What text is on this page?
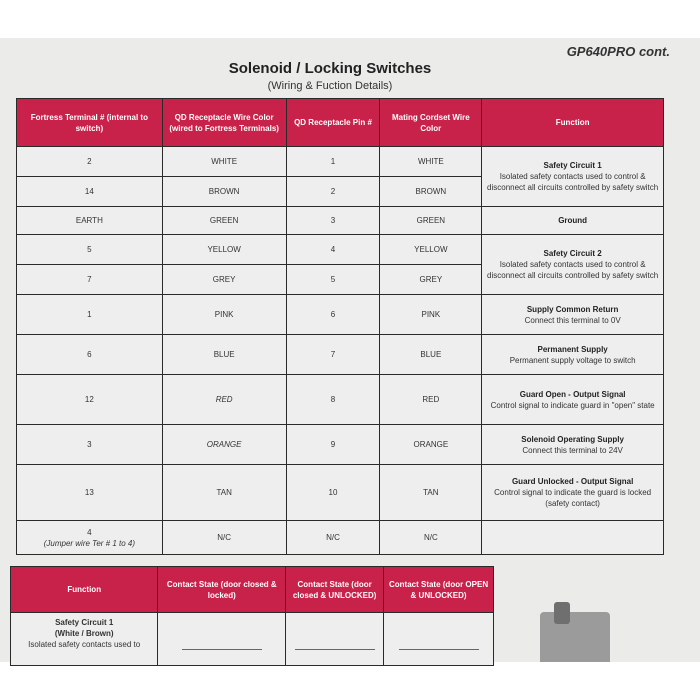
GP640PRO cont.
Solenoid / Locking Switches
(Wiring & Fuction Details)
Fortress Terminal # (internal to switch)	QD Receptacle Wire Color (wired to Fortress Terminals)	QD Receptacle Pin #	Mating Cordset Wire Color	Function
2	WHITE	1	WHITE	Safety Circuit 1
Isolated safety contacts used to control & disconnect all circuits controlled by safety switch
14	BROWN	2	BROWN	
EARTH	GREEN	3	GREEN	Ground

5	YELLOW	4	YELLOW	Safety Circuit 2
Isolated safety contacts used to control & disconnect all circuits controlled by safety switch
7	GREY	5	GREY	
1	PINK	6	PINK	Supply Common Return
Connect this terminal to 0V
6	BLUE	7	BLUE	Permanent Supply
Permanent supply voltage to switch
12	RED	8	RED	Guard Open - Output Signal
Control signal to indicate guard in "open" state
3	ORANGE	9	ORANGE	Solenoid Operating Supply
Connect this terminal to 24V
13	TAN	10	TAN	Guard Unlocked - Output Signal
Control signal to indicate the guard is locked (safety contact)
4
(Jumper wire Ter # 1 to 4)	N/C	N/C	N/C	
Function	Contact State (door closed & locked)	Contact State (door closed & UNLOCKED)	Contact State (door OPEN & UNLOCKED)

Safety Circuit 1
(White / Brown)
Isolated safety contacts used to	
